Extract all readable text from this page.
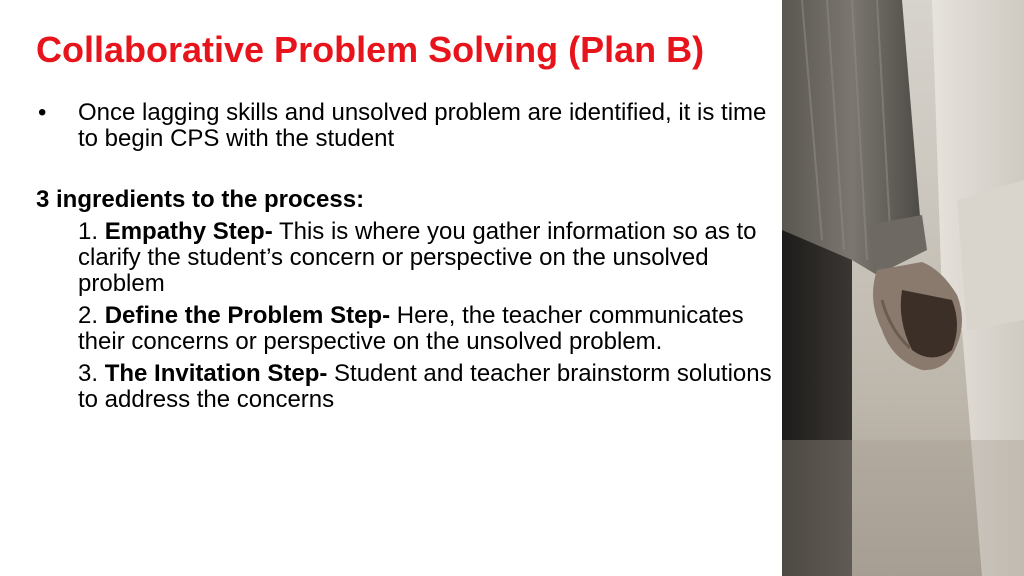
Collaborative Problem Solving (Plan B)
• Once lagging skills and unsolved problem are identified, it is time to begin CPS with the student
3 ingredients to the process:
1. Empathy Step- This is where you gather information so as to clarify the student’s concern or perspective on the unsolved problem
2. Define the Problem Step- Here, the teacher communicates their concerns or perspective on the unsolved problem.
3. The Invitation Step- Student and teacher brainstorm solutions to address the concerns
